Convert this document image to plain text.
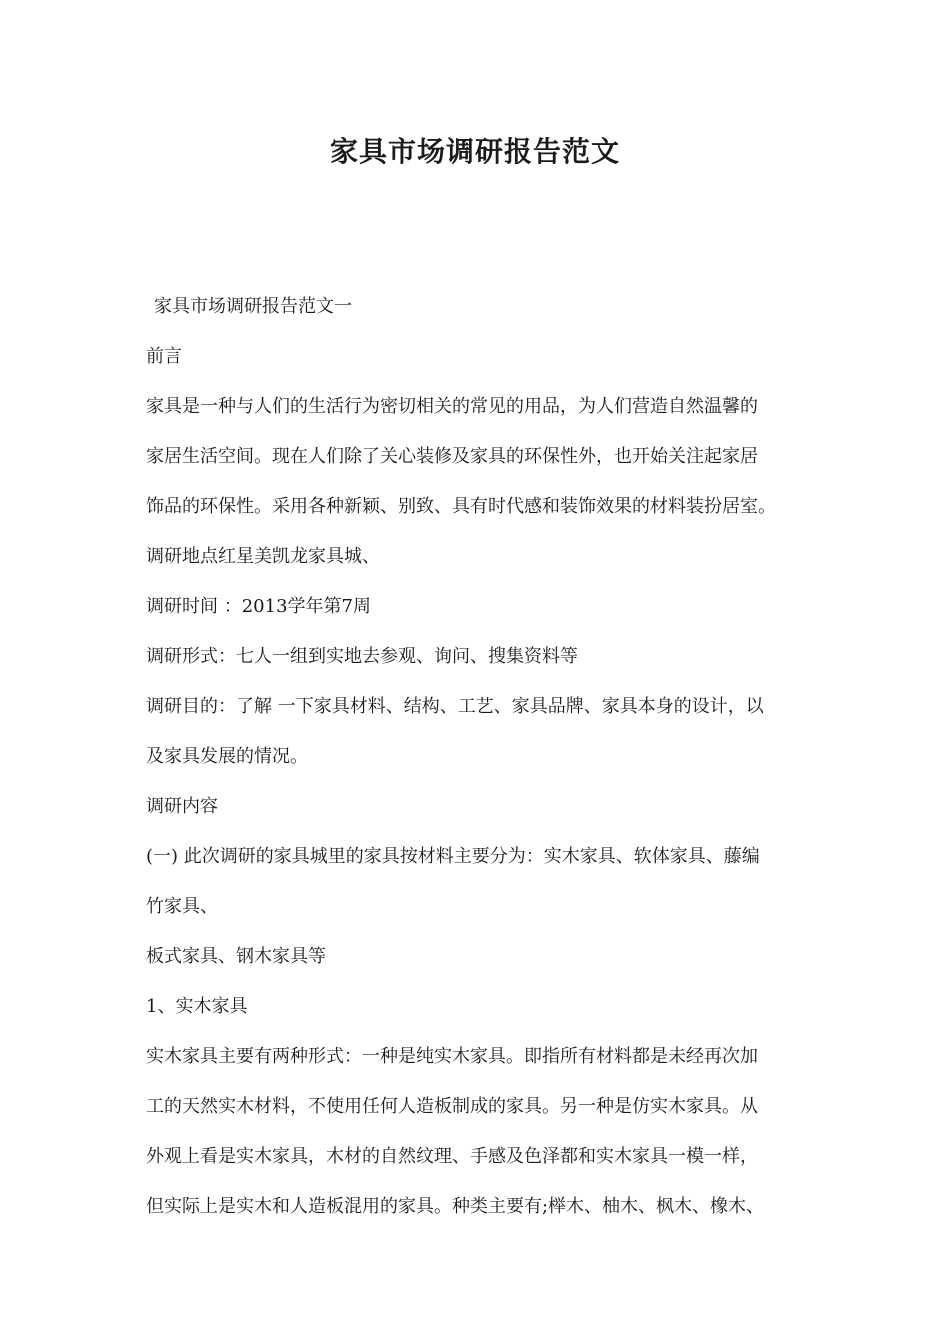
家具市场调研报告范文
家具市场调研报告范文一
前言
家具是一种与人们的生活行为密切相关的常见的用品，为人们营造自然温馨的
家居生活空间。现在人们除了关心装修及家具的环保性外，也开始关注起家居
饰品的环保性。采用各种新颖、别致、具有时代感和装饰效果的材料装扮居室。
调研地点红星美凯龙家具城、
调研时间 ：2013学年第7周
调研形式：七人一组到实地去参观、询问、搜集资料等
调研目的：了解 一下家具材料、结构、工艺、家具品牌、家具本身的设计，以
及家具发展的情况。
调研内容
(一) 此次调研的家具城里的家具按材料主要分为：实木家具、软体家具、藤编
竹家具、
板式家具、钢木家具等
1、实木家具
实木家具主要有两种形式：一种是纯实木家具。即指所有材料都是未经再次加
工的天然实木材料，不使用任何人造板制成的家具。另一种是仿实木家具。从
外观上看是实木家具，木材的自然纹理、手感及色泽都和实木家具一模一样，
但实际上是实木和人造板混用的家具。种类主要有;榉木、柚木、枫木、橡木、
